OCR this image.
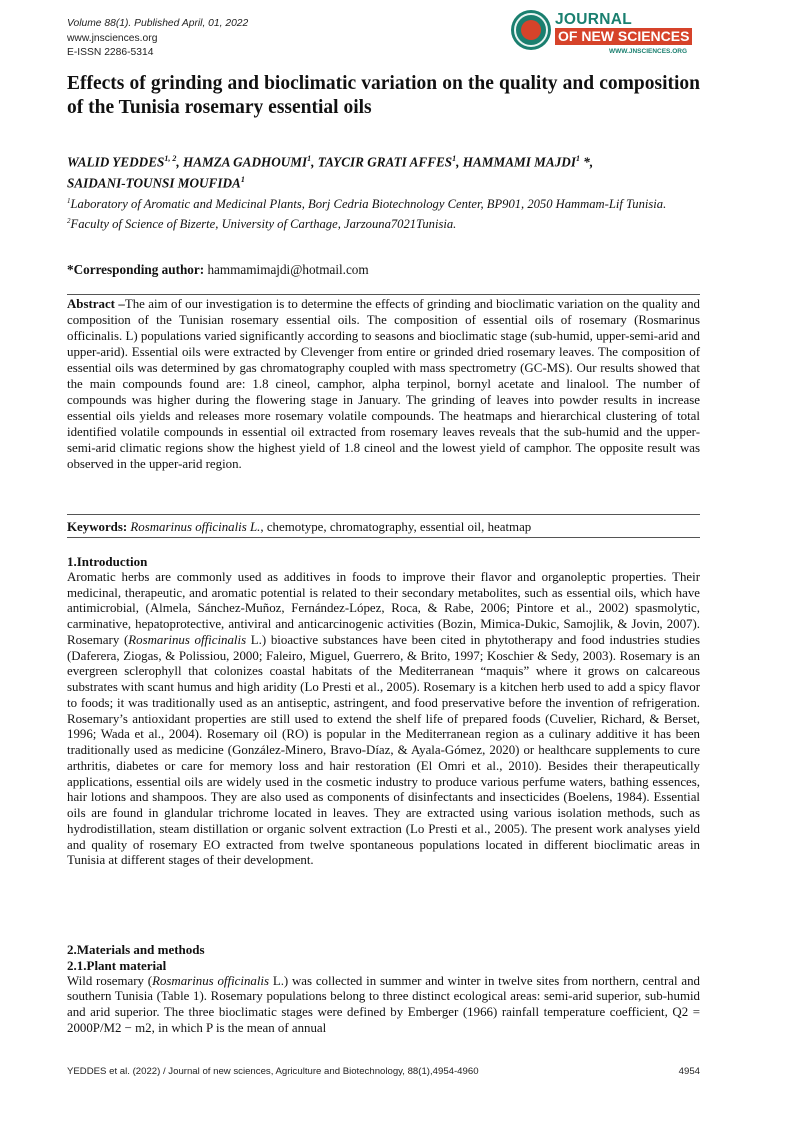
Volume 88(1). Published April, 01, 2022
www.jnsciences.org
E-ISSN 2286-5314
JOURNAL
OF NEW SCIENCES
WWW.JNSCIENCES.ORG
Effects of grinding and bioclimatic variation on the quality and composition of the Tunisia rosemary essential oils
WALID YEDDES$^{1, 2}$, HAMZA GADHOUMI$^1$, TAYCIR GRATI AFFES$^1$, HAMMAMI MAJDI$^1$ *,
SAIDANI-TOUNSI MOUFIDA$^1$
$^1$Laboratory of Aromatic and Medicinal Plants, Borj Cedria Biotechnology Center, BP901, 2050 Hammam-Lif Tunisia.
$^2$Faculty of Science of Bizerte, University of Carthage, Jarzouna7021Tunisia.
*Corresponding author: hammamimajdi@hotmail.com
Abstract –The aim of our investigation is to determine the effects of grinding and bioclimatic variation on the quality and composition of the Tunisian rosemary essential oils. The composition of essential oils of rosemary (Rosmarinus officinalis. L) populations varied significantly according to seasons and bioclimatic stage (sub-humid, upper-semi-arid and upper-arid). Essential oils were extracted by Clevenger from entire or grinded dried rosemary leaves. The composition of essential oils was determined by gas chromatography coupled with mass spectrometry (GC-MS). Our results showed that the main compounds found are: 1.8 cineol, camphor, alpha terpinol, bornyl acetate and linalool. The number of compounds was higher during the flowering stage in January. The grinding of leaves into powder results in increase essential oils yields and releases more rosemary volatile compounds. The heatmaps and hierarchical clustering of total identified volatile compounds in essential oil extracted from rosemary leaves reveals that the sub-humid and the upper-semi-arid climatic regions show the highest yield of 1.8 cineol and the lowest yield of camphor. The opposite result was observed in the upper-arid region.
Keywords: Rosmarinus officinalis L., chemotype, chromatography, essential oil, heatmap
1.Introduction
Aromatic herbs are commonly used as additives in foods to improve their flavor and organoleptic properties. Their medicinal, therapeutic, and aromatic potential is related to their secondary metabolites, such as essential oils, which have antimicrobial, (Almela, Sánchez-Muñoz, Fernández-López, Roca, & Rabe, 2006; Pintore et al., 2002) spasmolytic, carminative, hepatoprotective, antiviral and anticarcinogenic activities (Bozin, Mimica-Dukic, Samojlik, & Jovin, 2007). Rosemary (Rosmarinus officinalis L.) bioactive substances have been cited in phytotherapy and food industries studies (Daferera, Ziogas, & Polissiou, 2000; Faleiro, Miguel, Guerrero, & Brito, 1997; Koschier & Sedy, 2003). Rosemary is an evergreen sclerophyll that colonizes coastal habitats of the Mediterranean “maquis” where it grows on calcareous substrates with scant humus and high aridity (Lo Presti et al., 2005). Rosemary is a kitchen herb used to add a spicy flavor to foods; it was traditionally used as an antiseptic, astringent, and food preservative before the invention of refrigeration. Rosemary’s antioxidant properties are still used to extend the shelf life of prepared foods (Cuvelier, Richard, & Berset, 1996; Wada et al., 2004). Rosemary oil (RO) is popular in the Mediterranean region as a culinary additive it has been traditionally used as medicine (González-Minero, Bravo-Díaz, & Ayala-Gómez, 2020) or healthcare supplements to cure arthritis, diabetes or care for memory loss and hair restoration (El Omri et al., 2010). Besides their therapeutically applications, essential oils are widely used in the cosmetic industry to produce various perfume waters, bathing essences, hair lotions and shampoos. They are also used as components of disinfectants and insecticides (Boelens, 1984). Essential oils are found in glandular trichrome located in leaves. They are extracted using various isolation methods, such as hydrodistillation, steam distillation or organic solvent extraction (Lo Presti et al., 2005). The present work analyses yield and quality of rosemary EO extracted from twelve spontaneous populations located in different bioclimatic areas in Tunisia at different stages of their development.
2.Materials and methods
2.1.Plant material
Wild rosemary (Rosmarinus officinalis L.) was collected in summer and winter in twelve sites from northern, central and southern Tunisia (Table 1). Rosemary populations belong to three distinct ecological areas: semi-arid superior, sub-humid and arid superior. The three bioclimatic stages were defined by Emberger (1966) rainfall temperature coefficient, Q2 = 2000P/M2 − m2, in which P is the mean of annual
YEDDES et al. (2022) / Journal of new sciences, Agriculture and Biotechnology, 88(1),4954-4960	4954
